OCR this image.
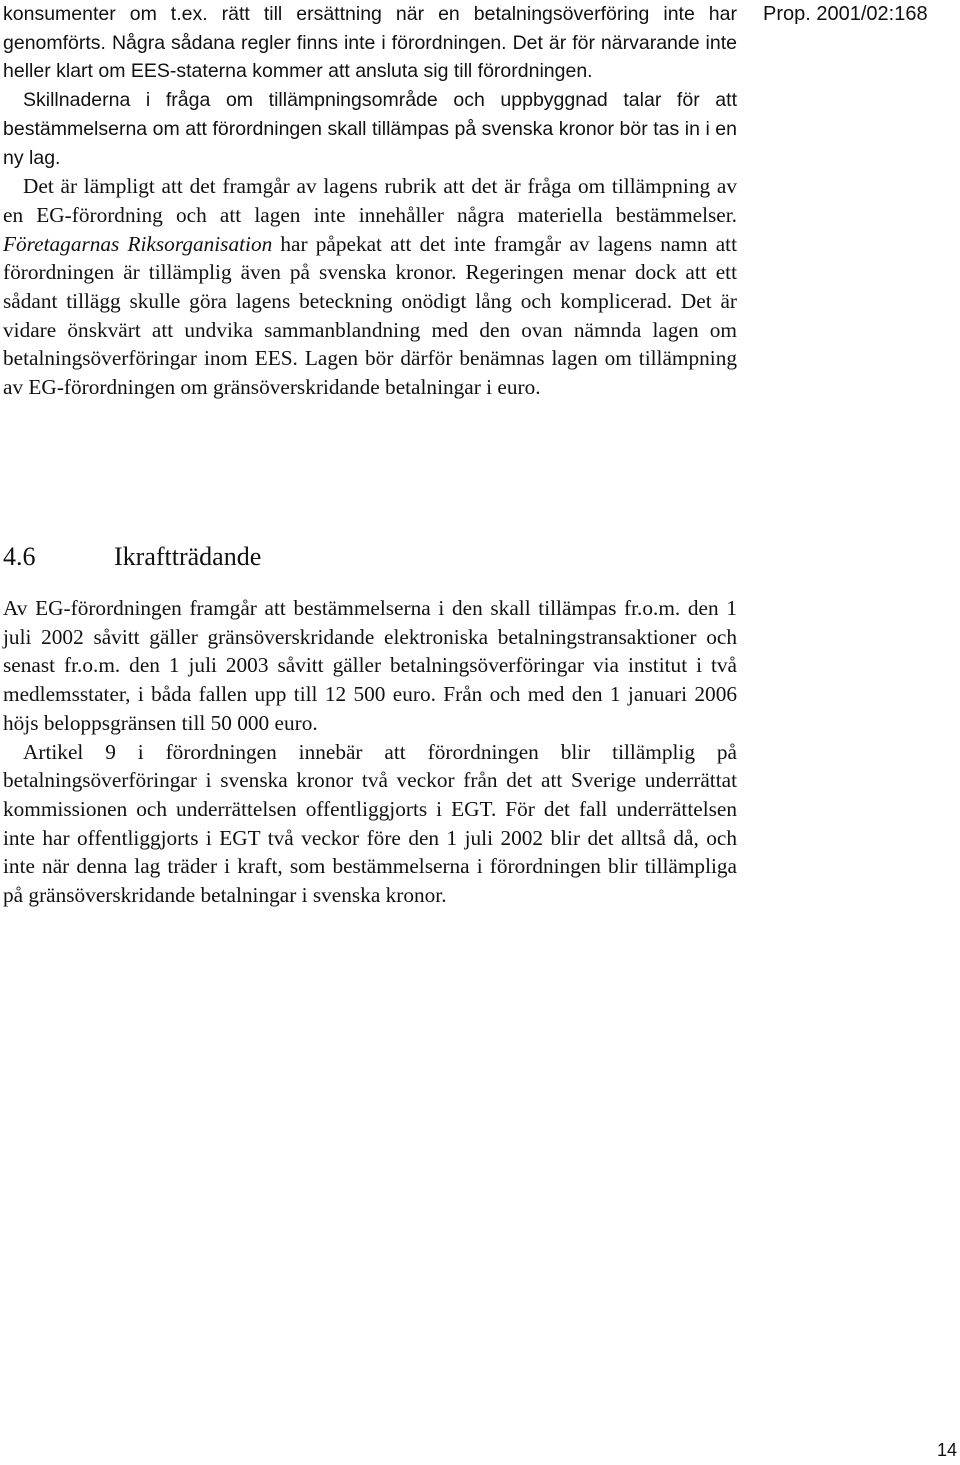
Prop. 2001/02:168

konsumenter om t.ex. rätt till ersättning när en betalningsöverföring inte har genomförts. Några sådana regler finns inte i förordningen. Det är för närvarande inte heller klart om EES-staterna kommer att ansluta sig till förordningen.

Skillnaderna i fråga om tillämpningsområde och uppbyggnad talar för att bestämmelserna om att förordningen skall tillämpas på svenska kronor bör tas in i en ny lag.

Det är lämpligt att det framgår av lagens rubrik att det är fråga om tillämpning av en EG-förordning och att lagen inte innehåller några materiella bestämmelser. Företagarnas Riksorganisation har påpekat att det inte framgår av lagens namn att förordningen är tillämplig även på svenska kronor. Regeringen menar dock att ett sådant tillägg skulle göra lagens beteckning onödigt lång och komplicerad. Det är vidare önskvärt att undvika sammanblandning med den ovan nämnda lagen om betalningsöverföringar inom EES. Lagen bör därför benämnas lagen om tillämpning av EG-förordningen om gränsöverskridande betalningar i euro.

4.6	Ikraftträdande

Av EG-förordningen framgår att bestämmelserna i den skall tillämpas fr.o.m. den 1 juli 2002 såvitt gäller gränsöverskridande elektroniska betalningstransaktioner och senast fr.o.m. den 1 juli 2003 såvitt gäller betalningsöverföringar via institut i två medlemsstater, i båda fallen upp till 12 500 euro. Från och med den 1 januari 2006 höjs beloppsgränsen till 50 000 euro.

Artikel 9 i förordningen innebär att förordningen blir tillämplig på betalningsöverföringar i svenska kronor två veckor från det att Sverige underrättat kommissionen och underrättelsen offentliggjorts i EGT. För det fall underrättelsen inte har offentliggjorts i EGT två veckor före den 1 juli 2002 blir det alltså då, och inte när denna lag träder i kraft, som bestämmelserna i förordningen blir tillämpliga på gränsöverskridande betalningar i svenska kronor.

14
